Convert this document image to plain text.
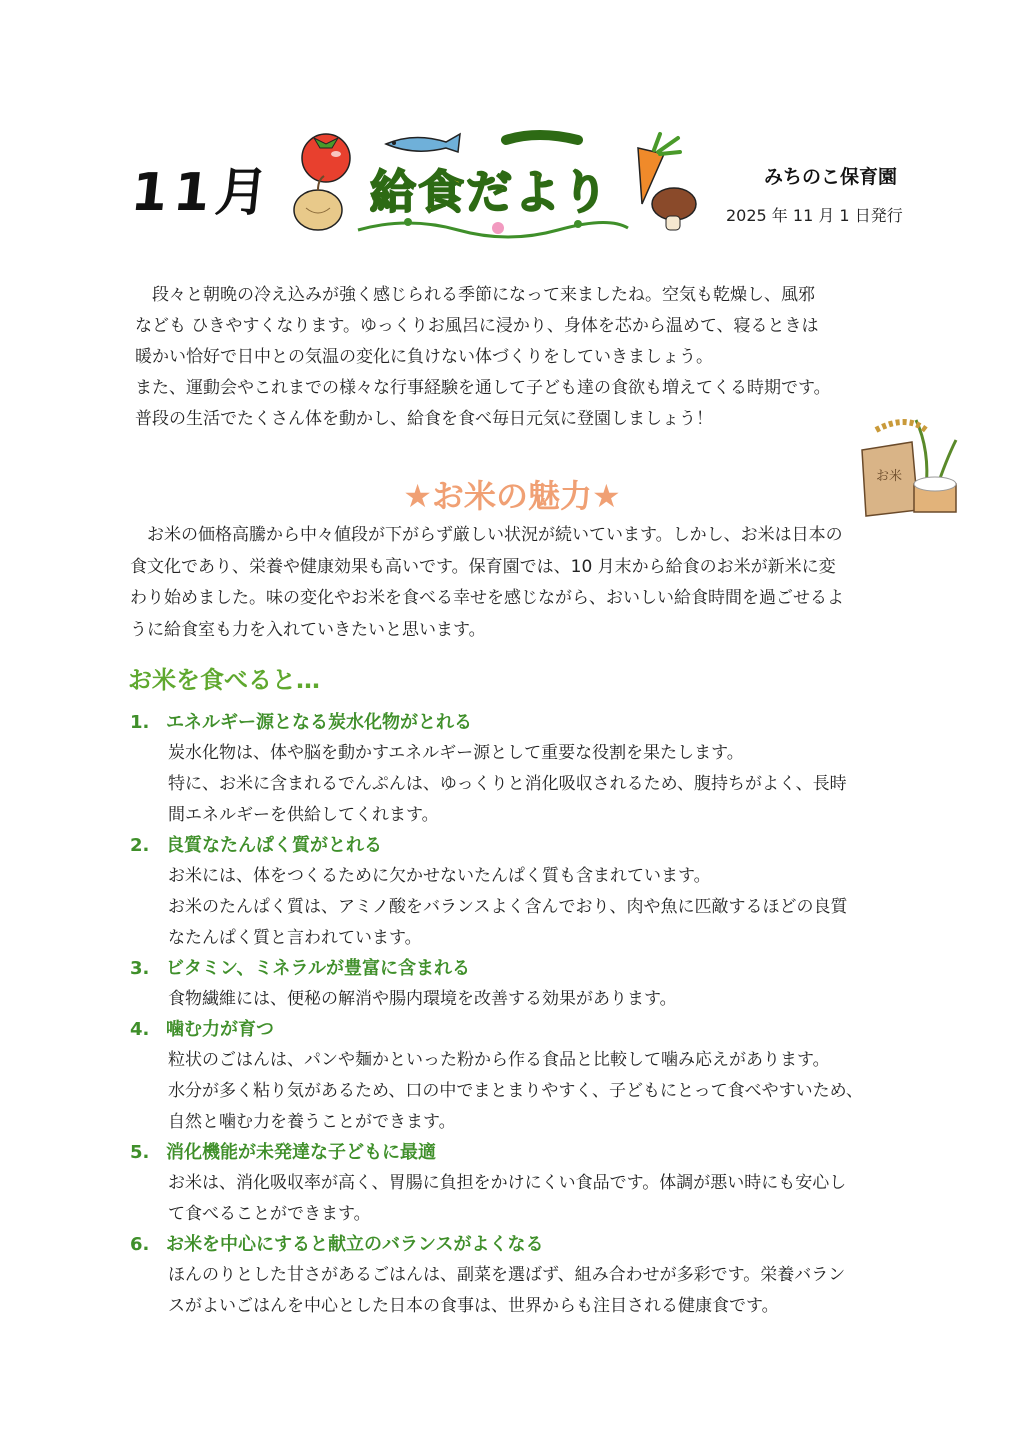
11月 給食だより	みちのこ保育園
2025 年 11 月 1 日発行

　段々と朝晩の冷え込みが強く感じられる季節になって来ましたね。空気も乾燥し、風邪

なども ひきやすくなります。ゆっくりお風呂に浸かり、身体を芯から温めて、寝るときは

暖かい恰好で日中との気温の変化に負けない体づくりをしていきましょう。

また、運動会やこれまでの様々な行事経験を通して子ども達の食欲も増えてくる時期です。

普段の生活でたくさん体を動かし、給食を食べ毎日元気に登園しましょう！

お米
★お米の魅力★

お米の価格高騰から中々値段が下がらず厳しい状況が続いています。しかし、お米は日本の

食文化であり、栄養や健康効果も高いです。保育園では、10 月末から給食のお米が新米に変

わり始めました。味の変化やお米を食べる幸せを感じながら、おいしい給食時間を過ごせるよ

うに給食室も力を入れていきたいと思います。

お米を食べると…
1. エネルギー源となる炭水化物がとれる

炭水化物は、体や脳を動かすエネルギー源として重要な役割を果たします。

特に、お米に含まれるでんぷんは、ゆっくりと消化吸収されるため、腹持ちがよく、長時

間エネルギーを供給してくれます。

2. 良質なたんぱく質がとれる

お米には、体をつくるために欠かせないたんぱく質も含まれています。

お米のたんぱく質は、アミノ酸をバランスよく含んでおり、肉や魚に匹敵するほどの良質

なたんぱく質と言われています。

3. ビタミン、ミネラルが豊富に含まれる

食物繊維には、便秘の解消や腸内環境を改善する効果があります。

4. 噛む力が育つ

粒状のごはんは、パンや麺かといった粉から作る食品と比較して噛み応えがあります。

水分が多く粘り気があるため、口の中でまとまりやすく、子どもにとって食べやすいため、

自然と噛む力を養うことができます。

5. 消化機能が未発達な子どもに最適

お米は、消化吸収率が高く、胃腸に負担をかけにくい食品です。体調が悪い時にも安心し

て食べることができます。

6. お米を中心にすると献立のバランスがよくなる

ほんのりとした甘さがあるごはんは、副菜を選ばず、組み合わせが多彩です。栄養バラン

スがよいごはんを中心とした日本の食事は、世界からも注目される健康食です。
